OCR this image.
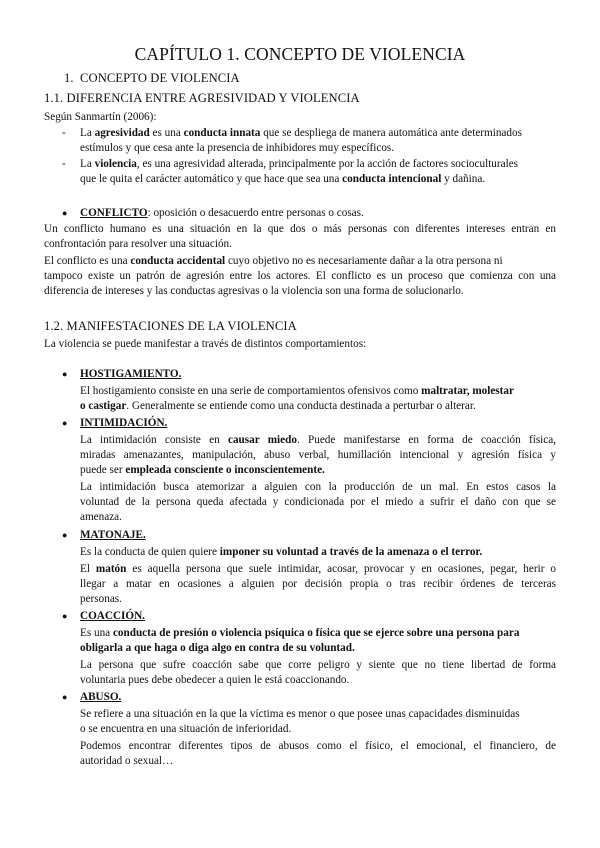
CAPÍTULO 1. CONCEPTO DE VIOLENCIA
1. CONCEPTO DE VIOLENCIA
1.1. DIFERENCIA ENTRE AGRESIVIDAD Y VIOLENCIA
Según Sanmartín (2006):
- La agresividad es una conducta innata que se despliega de manera automática ante determinados
estímulos y que cesa ante la presencia de inhibidores muy específicos.
- La violencia, es una agresividad alterada, principalmente por la acción de factores socioculturales
que le quita el carácter automático y que hace que sea una conducta intencional y dañina.
● CONFLICTO: oposición o desacuerdo entre personas o cosas.
Un conflicto humano es una situación en la que dos o más personas con diferentes intereses entran en
confrontación para resolver una situación.
El conflicto es una conducta accidental cuyo objetivo no es necesariamente dañar a la otra persona ni
tampoco existe un patrón de agresión entre los actores. El conflicto es un proceso que comienza con una
diferencia de intereses y las conductas agresivas o la violencia son una forma de solucionarlo.
1.2. MANIFESTACIONES DE LA VIOLENCIA
La violencia se puede manifestar a través de distintos comportamientos:
● HOSTIGAMIENTO.
El hostigamiento consiste en una serie de comportamientos ofensivos como maltratar, molestar
o castigar. Generalmente se entiende como una conducta destinada a perturbar o alterar.
● INTIMIDACIÓN.
La intimidación consiste en causar miedo. Puede manifestarse en forma de coacción física,
miradas amenazantes, manipulación, abuso verbal, humillación intencional y agresión física y
puede ser empleada consciente o inconscientemente.
La intimidación busca atemorizar a alguien con la producción de un mal. En estos casos la
voluntad de la persona queda afectada y condicionada por el miedo a sufrir el daño con que se
amenaza.
● MATONAJE.
Es la conducta de quien quiere imponer su voluntad a través de la amenaza o el terror.
El matón es aquella persona que suele intimidar, acosar, provocar y en ocasiones, pegar, herir o
llegar a matar en ocasiones a alguien por decisión propia o tras recibir órdenes de terceras
personas.
● COACCIÓN.
Es una conducta de presión o violencia psíquica o física que se ejerce sobre una persona para
obligarla a que haga o diga algo en contra de su voluntad.
La persona que sufre coacción sabe que corre peligro y siente que no tiene libertad de forma
voluntaria pues debe obedecer a quien le está coaccionando.
● ABUSO.
Se refiere a una situación en la que la víctima es menor o que posee unas capacidades disminuidas
o se encuentra en una situación de inferioridad.
Podemos encontrar diferentes tipos de abusos como el físico, el emocional, el financiero, de
autoridad o sexual…
